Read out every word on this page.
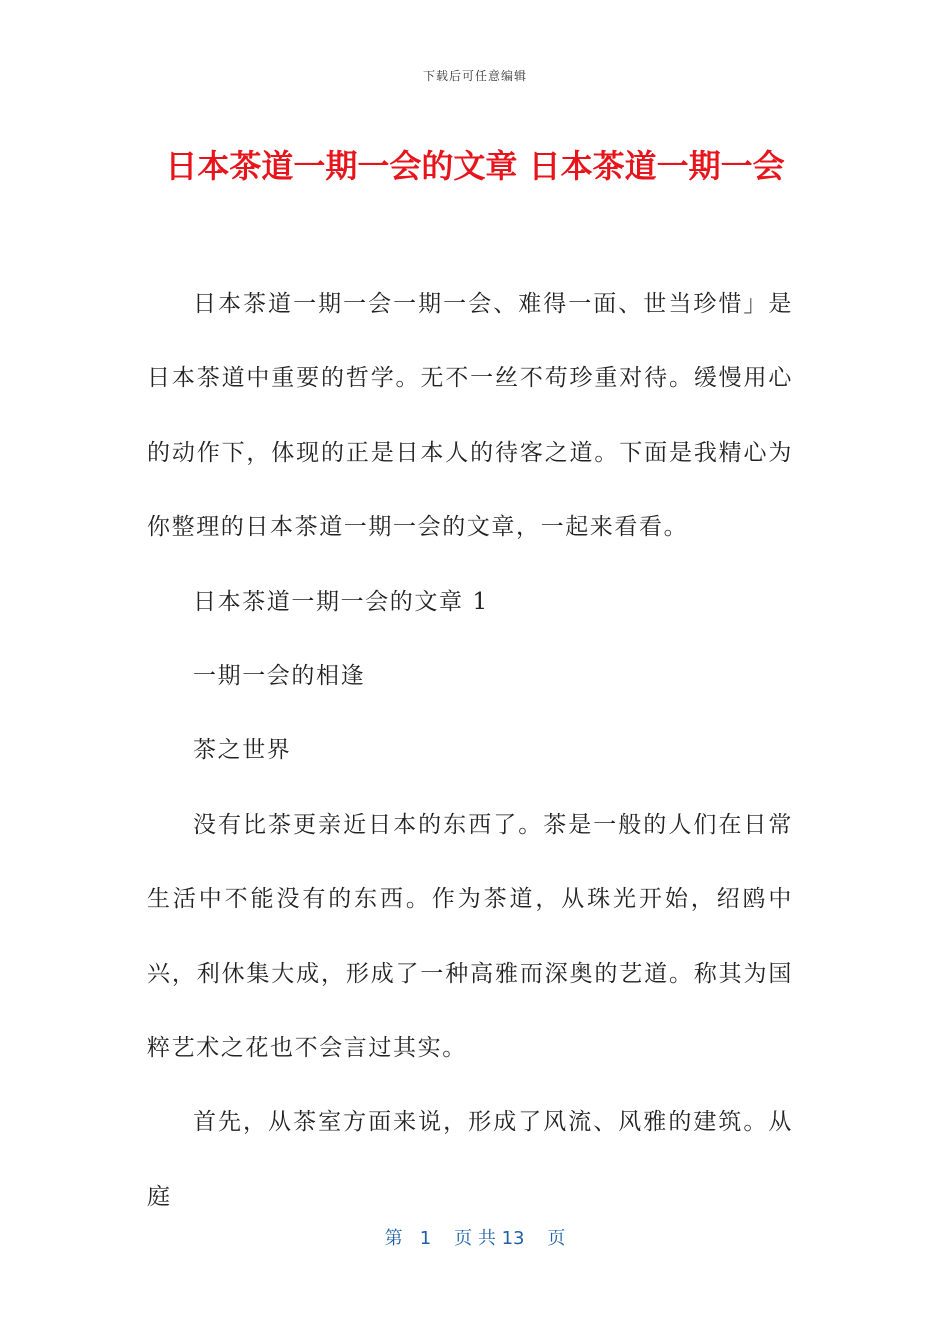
下载后可任意编辑
日本茶道一期一会的文章 日本茶道一期一会

日本茶道一期一会一期一会、难得一面、世当珍惜」是日本茶道中重要的哲学。无不一丝不苟珍重对待。缓慢用心的动作下，体现的正是日本人的待客之道。下面是我精心为你整理的日本茶道一期一会的文章，一起来看看。

日本茶道一期一会的文章 1

一期一会的相逢

茶之世界

没有比茶更亲近日本的东西了。茶是一般的人们在日常生活中不能没有的东西。作为茶道，从珠光开始，绍鸥中兴，利休集大成，形成了一种高雅而深奥的艺道。称其为国粹艺术之花也不会言过其实。

首先，从茶室方面来说，形成了风流、风雅的建筑。从庭

第 1 页 共 13 页
